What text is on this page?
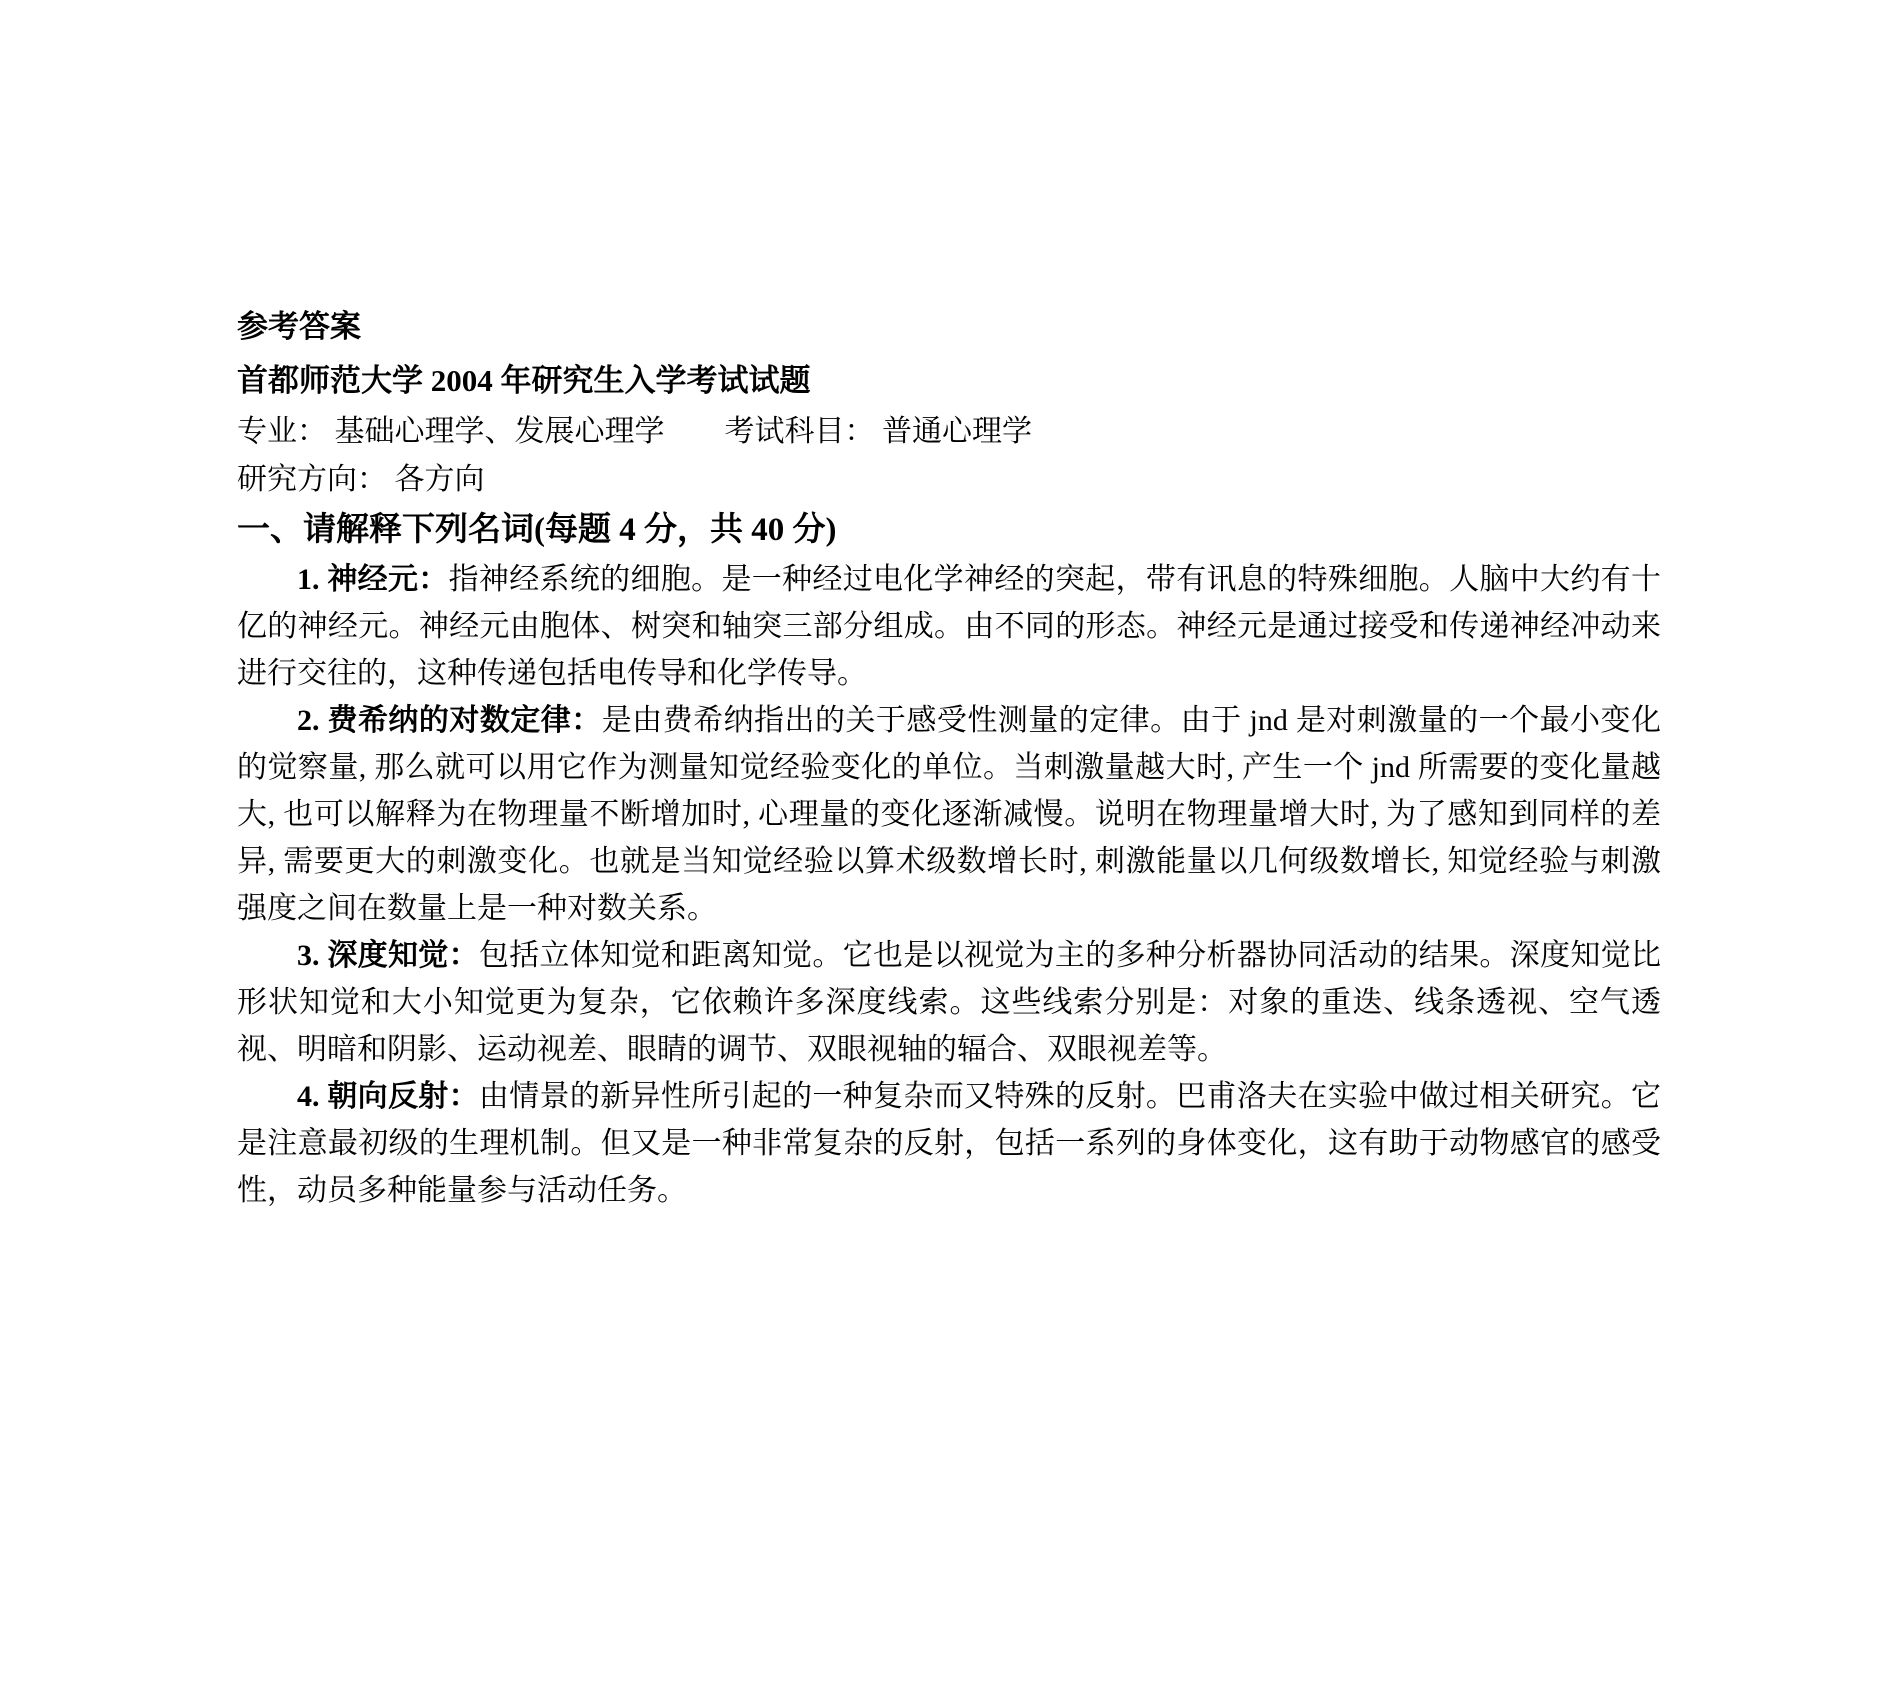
参考答案

首都师范大学 2004 年研究生入学考试试题

专业： 基础心理学、发展心理学　　考试科目： 普通心理学

研究方向： 各方向

一、请解释下列名词(每题 4 分，共 40 分)

1. 神经元：指神经系统的细胞。是一种经过电化学神经的突起，带有讯息的特殊细胞。人脑中大约有十亿的神经元。神经元由胞体、树突和轴突三部分组成。由不同的形态。神经元是通过接受和传递神经冲动来进行交往的，这种传递包括电传导和化学传导。

2. 费希纳的对数定律：是由费希纳指出的关于感受性测量的定律。由于 jnd 是对刺激量的一个最小变化的觉察量, 那么就可以用它作为测量知觉经验变化的单位。当刺激量越大时, 产生一个 jnd 所需要的变化量越大, 也可以解释为在物理量不断增加时, 心理量的变化逐渐减慢。说明在物理量增大时, 为了感知到同样的差异, 需要更大的刺激变化。也就是当知觉经验以算术级数增长时, 刺激能量以几何级数增长, 知觉经验与刺激强度之间在数量上是一种对数关系。

3. 深度知觉：包括立体知觉和距离知觉。它也是以视觉为主的多种分析器协同活动的结果。深度知觉比形状知觉和大小知觉更为复杂，它依赖许多深度线索。这些线索分别是：对象的重迭、线条透视、空气透视、明暗和阴影、运动视差、眼睛的调节、双眼视轴的辐合、双眼视差等。

4. 朝向反射：由情景的新异性所引起的一种复杂而又特殊的反射。巴甫洛夫在实验中做过相关研究。它是注意最初级的生理机制。但又是一种非常复杂的反射，包括一系列的身体变化，这有助于动物感官的感受性，动员多种能量参与活动任务。
